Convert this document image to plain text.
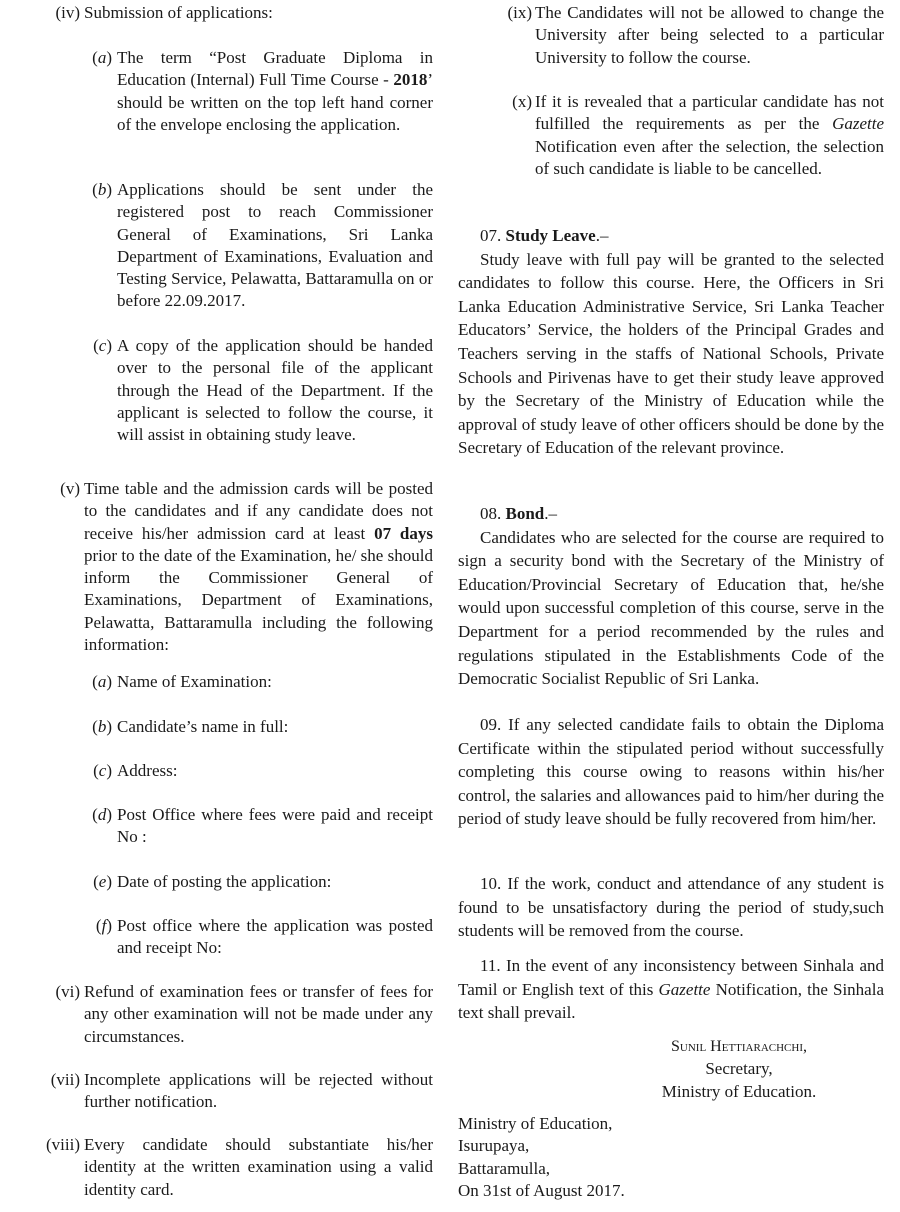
(iv) Submission of applications:
(a) The term “Post Graduate Diploma in Education (Internal) Full Time Course - 2018’ should be written on the top left hand corner of the envelope enclosing the application.
(b) Applications should be sent under the registered post to reach Commissioner General of Examinations, Sri Lanka Department of Examinations, Evaluation and Testing Service, Pelawatta, Battaramulla on or before 22.09.2017.
(c) A copy of the application should be handed over to the personal file of the applicant through the Head of the Department. If the applicant is selected to follow the course, it will assist in obtaining study leave.
(v) Time table and the admission cards will be posted to the candidates and if any candidate does not receive his/her admission card at least 07 days prior to the date of the Examination, he/ she should inform the Commissioner General of Examinations, Department of Examinations, Pelawatta, Battaramulla including the following information:
(a) Name of Examination:
(b) Candidate’s name in full:
(c) Address:
(d) Post Office where fees were paid and receipt No :
(e) Date of posting the application:
(f) Post office where the application was posted and receipt No:
(vi) Refund of examination fees or transfer of fees for any other examination will not be made under any circumstances.
(vii) Incomplete applications will be rejected without further notification.
(viii) Every candidate should substantiate his/her identity at the written examination using a valid identity card.
(ix) The Candidates will not be allowed to change the University after being selected to a particular University to follow the course.
(x) If it is revealed that a particular candidate has not fulfilled the requirements as per the Gazette Notification even after the selection, the selection of such candidate is liable to be cancelled.
07. Study Leave.–

Study leave with full pay will be granted to the selected candidates to follow this course. Here, the Officers in Sri Lanka Education Administrative Service, Sri Lanka Teacher Educators’ Service, the holders of the Principal Grades and Teachers serving in the staffs of National Schools, Private Schools and Pirivenas have to get their study leave approved by the Secretary of the Ministry of Education while the approval of study leave of other officers should be done by the Secretary of Education of the relevant province.

08. Bond.–

Candidates who are selected for the course are required to sign a security bond with the Secretary of the Ministry of Education/Provincial Secretary of Education that, he/she would upon successful completion of this course, serve in the Department for a period recommended by the rules and regulations stipulated in the Establishments Code of the Democratic Socialist Republic of Sri Lanka.

09. If any selected candidate fails to obtain the Diploma Certificate within the stipulated period without successfully completing this course owing to reasons within his/her control, the salaries and allowances paid to him/her during the period of study leave should be fully recovered from him/her.

10. If the work, conduct and attendance of any student is found to be unsatisfactory during the period of study,such students will be removed from the course.

11. In the event of any inconsistency between Sinhala and Tamil or English text of this Gazette Notification, the Sinhala text shall prevail.

Sunil Hettiarachchi,
Secretary,
Ministry of Education.
Ministry of Education,
Isurupaya,
Battaramulla,
On 31st of August 2017.
